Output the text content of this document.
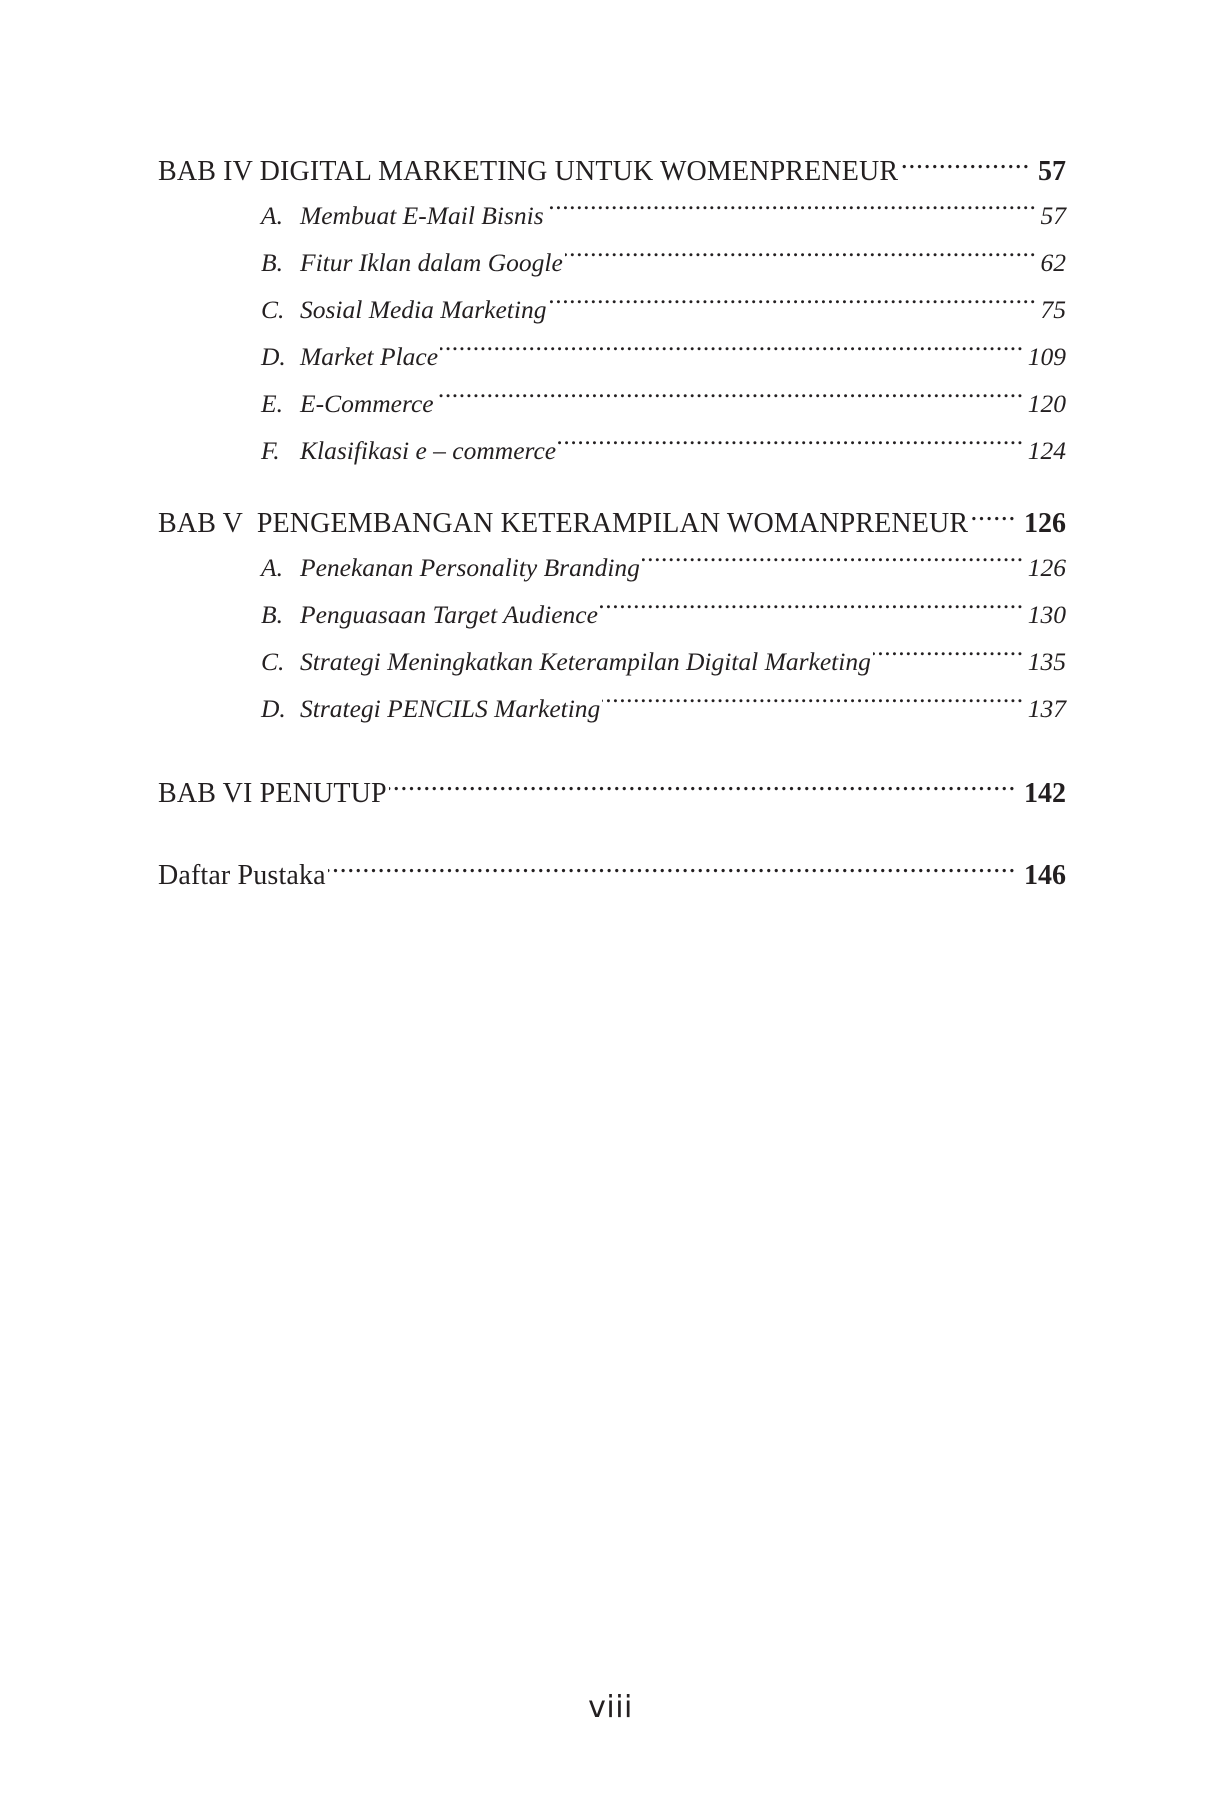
BAB IV DIGITAL MARKETING UNTUK WOMENPRENEUR .....	57
A. Membuat E-Mail Bisnis .....	57
B. Fitur Iklan dalam Google .....	62
C. Sosial Media Marketing .....	75
D. Market Place .....	109
E. E-Commerce .....	120
F. Klasifikasi e – commerce .....	124
BAB V  PENGEMBANGAN KETERAMPILAN WOMANPRENEUR ..... 126
A. Penekanan Personality Branding .....	126
B. Penguasaan Target Audience .....	130
C. Strategi Meningkatkan Keterampilan Digital Marketing .....	135
D. Strategi PENCILS Marketing .....	137
BAB VI PENUTUP .....	142
Daftar Pustaka .....	146
viii
